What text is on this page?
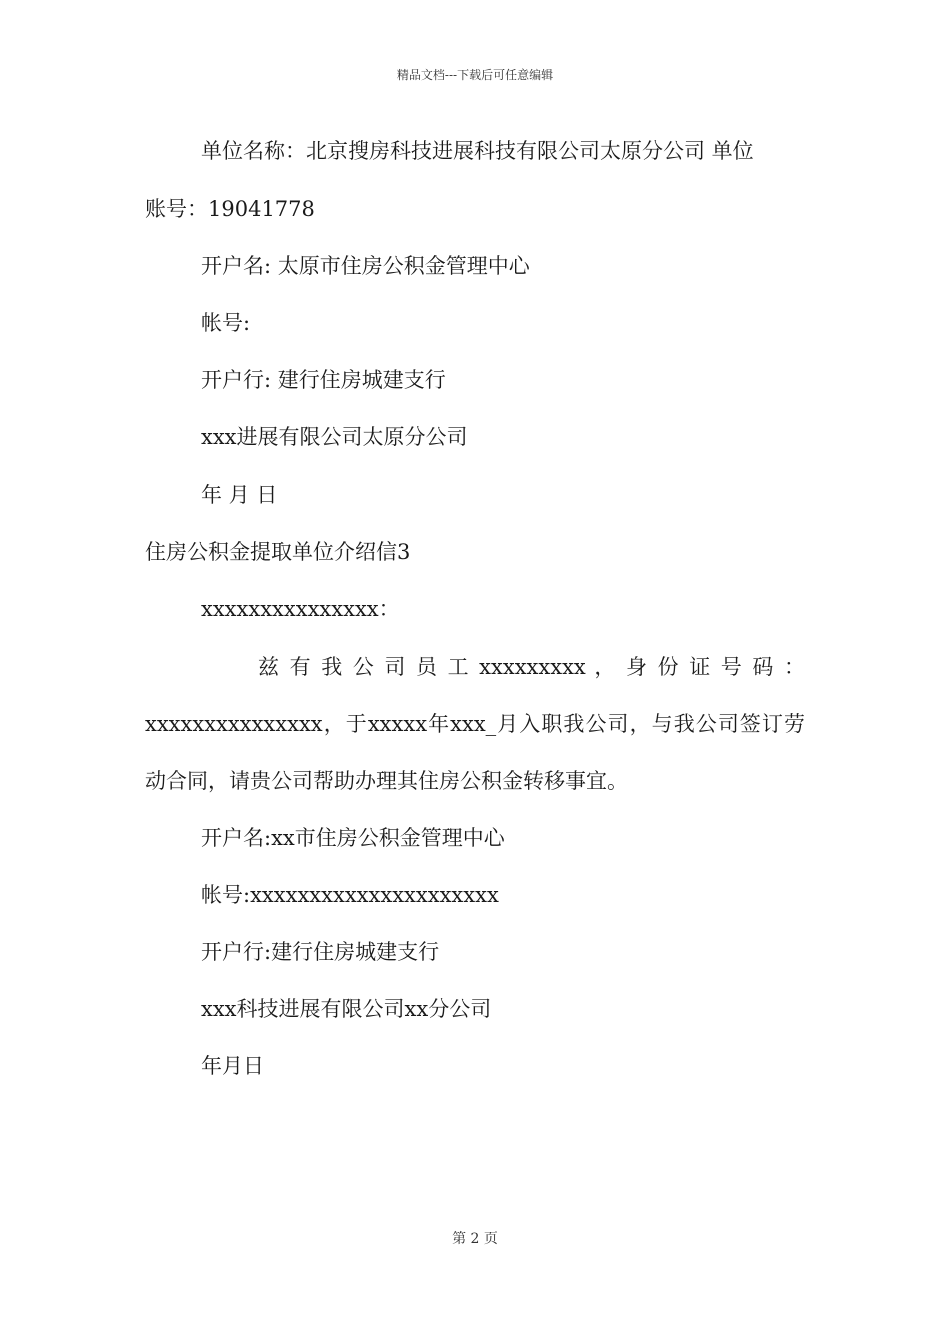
精品文档---下载后可任意编辑
单位名称：北京搜房科技进展科技有限公司太原分公司 单位
账号：19041778
开户名: 太原市住房公积金管理中心
帐号:
开户行: 建行住房城建支行
xxx进展有限公司太原分公司
年 月 日
住房公积金提取单位介绍信3
xxxxxxxxxxxxxxx：
兹 有 我 公 司 员 工 xxxxxxxxx ， 身 份 证 号 码 ：
xxxxxxxxxxxxxxx，于xxxxx年xxx_月入职我公司，与我公司签订劳
动合同，请贵公司帮助办理其住房公积金转移事宜。
开户名:xx市住房公积金管理中心
帐号:xxxxxxxxxxxxxxxxxxxxx
开户行:建行住房城建支行
xxx科技进展有限公司xx分公司
年月日
第 2 页
